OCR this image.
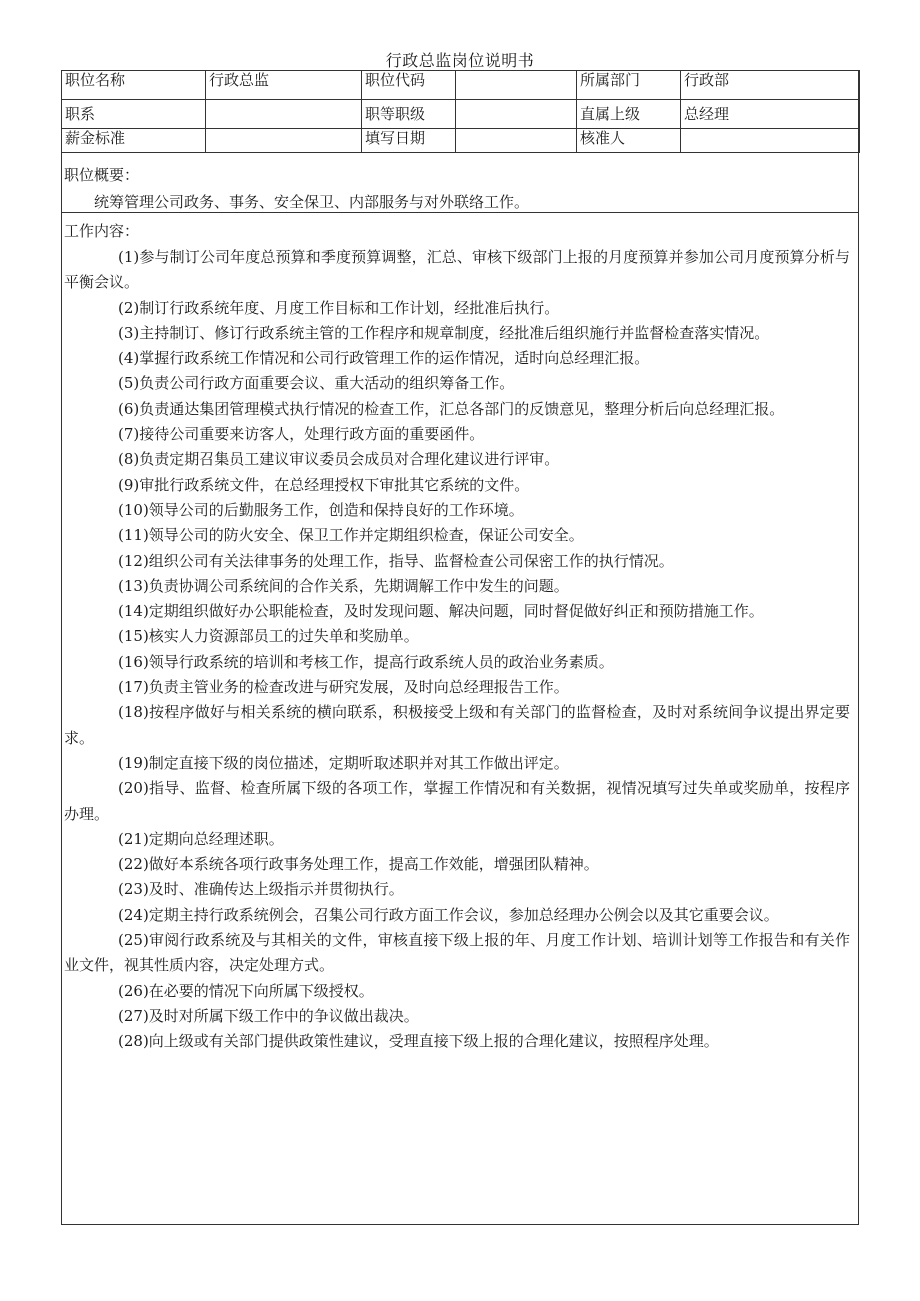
行政总监岗位说明书
职位名称	行政总监	职位代码		所属部门	行政部
职系		职等职级		直属上级	总经理
薪金标准		填写日期		核准人	
职位概要：
统筹管理公司政务、事务、安全保卫、内部服务与对外联络工作。
工作内容：

(1)参与制订公司年度总预算和季度预算调整，汇总、审核下级部门上报的月度预算并参加公司月度预算分析与平衡会议。

(2)制订行政系统年度、月度工作目标和工作计划，经批准后执行。

(3)主持制订、修订行政系统主管的工作程序和规章制度，经批准后组织施行并监督检查落实情况。

(4)掌握行政系统工作情况和公司行政管理工作的运作情况，适时向总经理汇报。

(5)负责公司行政方面重要会议、重大活动的组织筹备工作。

(6)负责通达集团管理模式执行情况的检查工作，汇总各部门的反馈意见，整理分析后向总经理汇报。

(7)接待公司重要来访客人，处理行政方面的重要函件。

(8)负责定期召集员工建议审议委员会成员对合理化建议进行评审。

(9)审批行政系统文件，在总经理授权下审批其它系统的文件。

(10)领导公司的后勤服务工作，创造和保持良好的工作环境。

(11)领导公司的防火安全、保卫工作并定期组织检查，保证公司安全。

(12)组织公司有关法律事务的处理工作，指导、监督检查公司保密工作的执行情况。

(13)负责协调公司系统间的合作关系，先期调解工作中发生的问题。

(14)定期组织做好办公职能检查，及时发现问题、解决问题，同时督促做好纠正和预防措施工作。

(15)核实人力资源部员工的过失单和奖励单。

(16)领导行政系统的培训和考核工作，提高行政系统人员的政治业务素质。

(17)负责主管业务的检查改进与研究发展，及时向总经理报告工作。

(18)按程序做好与相关系统的横向联系，积极接受上级和有关部门的监督检查，及时对系统间争议提出界定要求。

(19)制定直接下级的岗位描述，定期听取述职并对其工作做出评定。

(20)指导、监督、检查所属下级的各项工作，掌握工作情况和有关数据，视情况填写过失单或奖励单，按程序办理。

(21)定期向总经理述职。

(22)做好本系统各项行政事务处理工作，提高工作效能，增强团队精神。

(23)及时、准确传达上级指示并贯彻执行。

(24)定期主持行政系统例会，召集公司行政方面工作会议，参加总经理办公例会以及其它重要会议。

(25)审阅行政系统及与其相关的文件，审核直接下级上报的年、月度工作计划、培训计划等工作报告和有关作业文件，视其性质内容，决定处理方式。

(26)在必要的情况下向所属下级授权。

(27)及时对所属下级工作中的争议做出裁决。

(28)向上级或有关部门提供政策性建议，受理直接下级上报的合理化建议，按照程序处理。
